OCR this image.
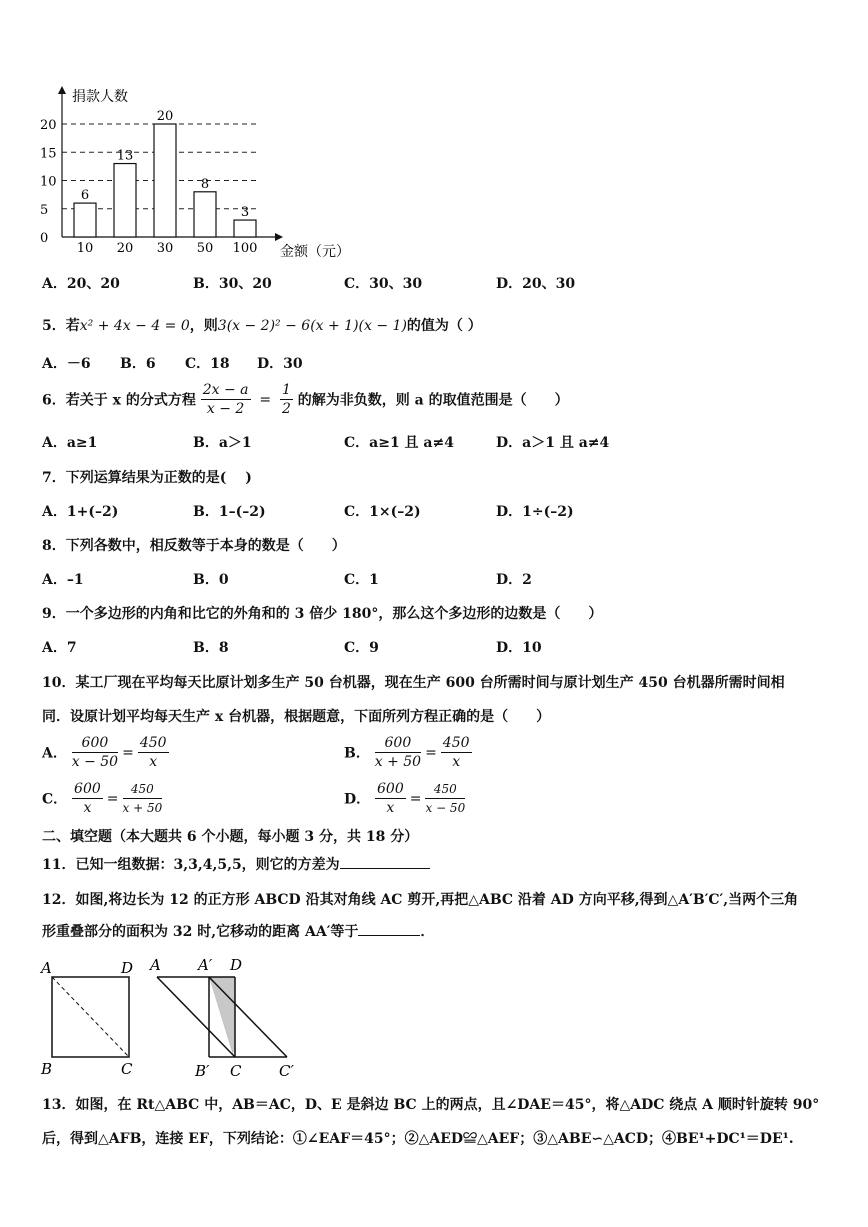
0
5
10
15
20
捐款人数
金额（元）
6
10
13
20
20
30
8
50
3
100
A．20、20	B．30、20	C．30、30	D．20、30
5．若x² + 4x − 4 = 0，则3(x − 2)² − 6(x + 1)(x − 1)的值为（ ）
A．－6 B．6 C．18 D．30
6．若关于 x 的分式方程 $\frac{2x - a}{x - 2} = \frac{1}{2}$ 的解为非负数，则 a 的取值范围是（　　）
A．a≥1	B．a＞1	C．a≥1 且 a≠4	D．a＞1 且 a≠4
7．下列运算结果为正数的是(　 )
A．1+(–2)	B．1–(–2)	C．1×(–2)	D．1÷(–2)
8．下列各数中，相反数等于本身的数是（　　）
A．–1	B．0	C．1	D．2
9．一个多边形的内角和比它的外角和的 3 倍少 180°，那么这个多边形的边数是（　　）
A．7	B．8	C．9	D．10
10．某工厂现在平均每天比原计划多生产 50 台机器，现在生产 600 台所需时间与原计划生产 450 台机器所需时间相
同．设原计划平均每天生产 x 台机器，根据题意，下面所列方程正确的是（　　）
A． $\frac{600}{x - 50} = \frac{450}{x}$	B． $\frac{600}{x + 50} = \frac{450}{x}$
C． $\frac{600}{x} = \frac{450}{x + 50}$	D． $\frac{600}{x} = \frac{450}{x - 50}$
二、填空题（本大题共 6 个小题，每小题 3 分，共 18 分）
11．已知一组数据：3,3,4,5,5，则它的方差为
12．如图,将边长为 12 的正方形 ABCD 沿其对角线 AC 剪开,再把△ABC 沿着 AD 方向平移,得到△A′B′C′,当两个三角
形重叠部分的面积为 32 时,它移动的距离 AA′等于	．
A	D
B	C
A A′ D
B′ C	C′
13．如图，在 Rt△ABC 中，AB＝AC，D、E 是斜边 BC 上的两点，且∠DAE＝45°，将△ADC 绕点 A 顺时针旋转 90°
后，得到△AFB，连接 EF，下列结论：①∠EAF＝45°；②△AED≌△AEF；③△ABE∽△ACD；④BE¹+DC¹＝DE¹.
